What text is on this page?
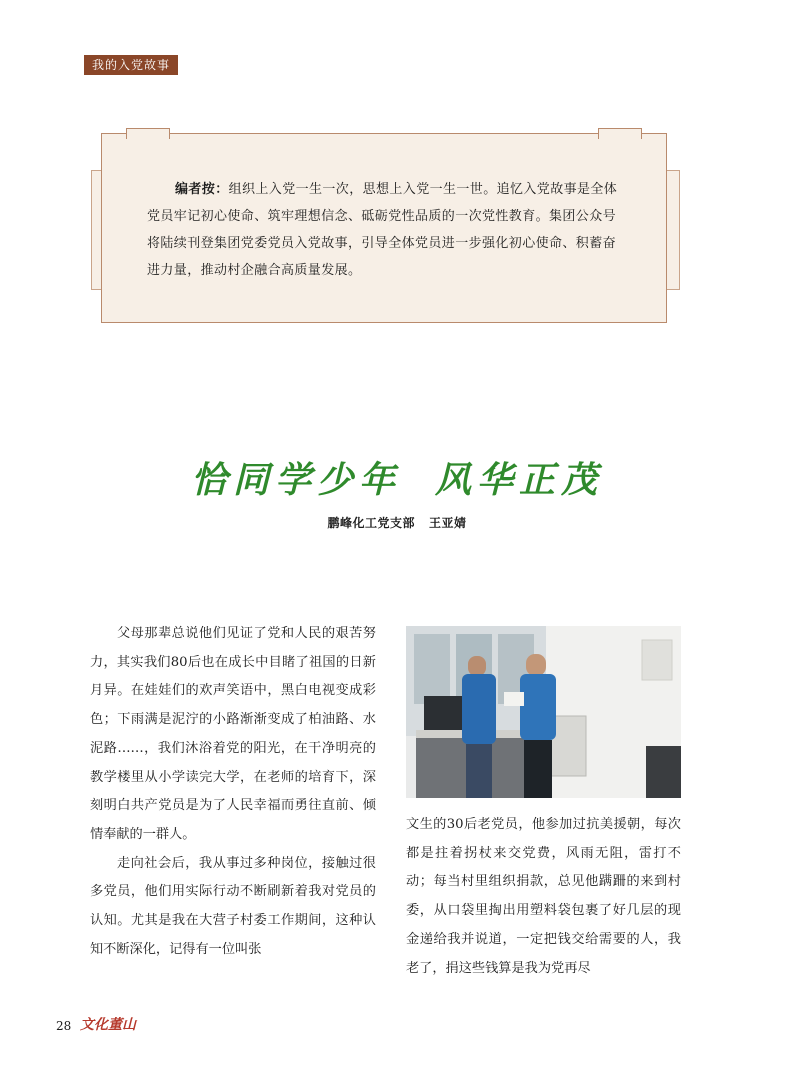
我的入党故事
编者按：组织上入党一生一次，思想上入党一生一世。追忆入党故事是全体党员牢记初心使命、筑牢理想信念、砥砺党性品质的一次党性教育。集团公众号将陆续刊登集团党委党员入党故事，引导全体党员进一步强化初心使命、积蓄奋进力量，推动村企融合高质量发展。
恰同学少年 风华正茂
鹏峰化工党支部 王亚婧

父母那辈总说他们见证了党和人民的艰苦努力，其实我们80后也在成长中目睹了祖国的日新月异。在娃娃们的欢声笑语中，黑白电视变成彩色；下雨满是泥泞的小路渐渐变成了柏油路、水泥路……，我们沐浴着党的阳光，在干净明亮的教学楼里从小学读完大学，在老师的培育下，深刻明白共产党员是为了人民幸福而勇往直前、倾情奉献的一群人。

走向社会后，我从事过多种岗位，接触过很多党员，他们用实际行动不断刷新着我对党员的认知。尤其是我在大营子村委工作期间，这种认知不断深化，记得有一位叫张

文生的30后老党员，他参加过抗美援朝，每次都是拄着拐杖来交党费，风雨无阻，雷打不动；每当村里组织捐款，总见他蹒跚的来到村委，从口袋里掏出用塑料袋包裹了好几层的现金递给我并说道，一定把钱交给需要的人，我老了，捐这些钱算是我为党再尽
28 文化董山
